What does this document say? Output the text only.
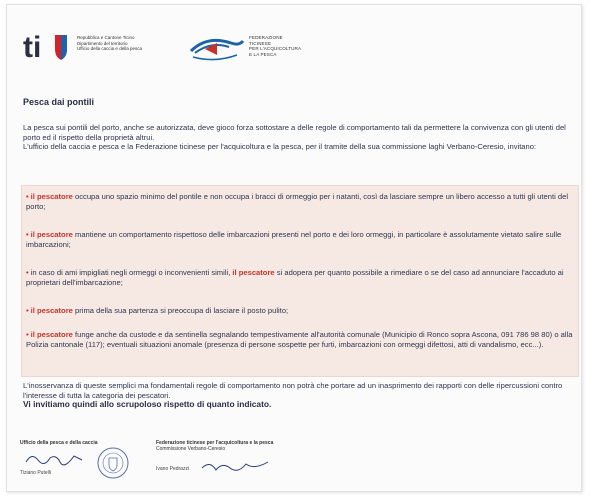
ti	Repubblica e Cantone Ticino
Dipartimento del territorio
Ufficio della caccia e della pesca
FEDERAZIONE
TICINESE
PER L'ACQUICOLTURA
E LA PESCA
Pesca dai pontili

La pesca sui pontili del porto, anche se autorizzata, deve gioco forza sottostare a delle regole di comportamento tali da permettere la convivenza con gli utenti del porto ed il rispetto della proprietà altrui.

L'ufficio della caccia e pesca e la Federazione ticinese per l'acquicoltura e la pesca, per il tramite della sua commissione laghi Verbano-Ceresio, invitano:

• il pescatore occupa uno spazio minimo del pontile e non occupa i bracci di ormeggio per i natanti, così da lasciare sempre un libero accesso a tutti gli utenti del porto;
• il pescatore mantiene un comportamento rispettoso delle imbarcazioni presenti nel porto e dei loro ormeggi, in particolare è assolutamente vietato salire sulle imbarcazioni;
• in caso di ami impigliati negli ormeggi o inconvenienti simili, il pescatore si adopera per quanto possibile a rimediare o se del caso ad annunciare l'accaduto ai proprietari dell'imbarcazione;
• il pescatore prima della sua partenza si preoccupa di lasciare il posto pulito;
• il pescatore funge anche da custode e da sentinella segnalando tempestivamente all'autorità comunale (Municipio di Ronco sopra Ascona, 091 786 98 80) o alla Polizia cantonale (117); eventuali situazioni anomale (presenza di persone sospette per furti, imbarcazioni con ormeggi difettosi, atti di vandalismo, ecc...).
L'inosservanza di queste semplici ma fondamentali regole di comportamento non potrà che portare ad un inasprimento dei rapporti con delle ripercussioni contro l'interesse di tutta la categoria dei pescatori.
Vi invitiamo quindi allo scrupoloso rispetto di quanto indicato.
Ufficio della pesca e della caccia
Tiziano Putelli
Federazione ticinese per l'acquicoltura e la pesca
Commissione Verbano-Ceresio
Ivano Pedrazzi
